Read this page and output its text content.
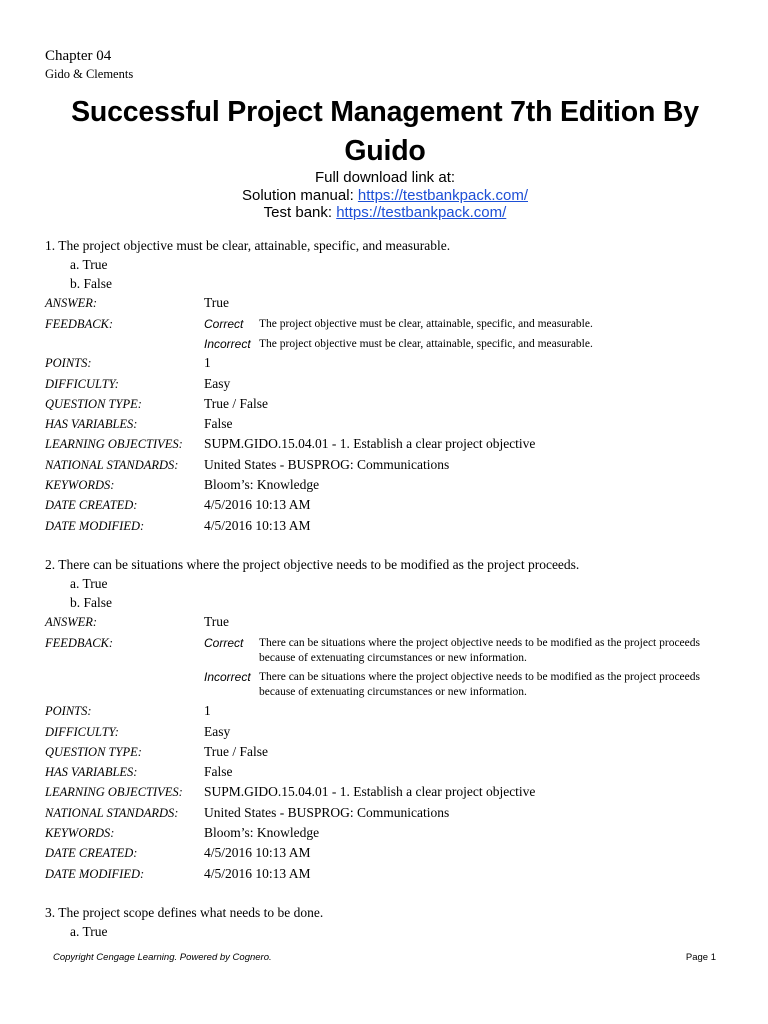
Chapter 04
Gido & Clements
Successful Project Management 7th Edition By Guido
Full download link at:
Solution manual: https://testbankpack.com/
Test bank: https://testbankpack.com/
1. The project objective must be clear, attainable, specific, and measurable.
a. True
b. False
ANSWER:	True
FEEDBACK:	Correct The project objective must be clear, attainable, specific, and measurable.
Incorrect The project objective must be clear, attainable, specific, and measurable.
POINTS:	1
DIFFICULTY:	Easy
QUESTION TYPE:	True / False
HAS VARIABLES:	False
LEARNING OBJECTIVES: SUPM.GIDO.15.04.01 - 1. Establish a clear project objective
NATIONAL STANDARDS: United States - BUSPROG: Communications
KEYWORDS:	Bloom’s: Knowledge
DATE CREATED:	4/5/2016 10:13 AM
DATE MODIFIED:	4/5/2016 10:13 AM
2. There can be situations where the project objective needs to be modified as the project proceeds.
a. True
b. False
ANSWER:	True
FEEDBACK:	Correct There can be situations where the project objective needs to be modified as the project proceeds because of extenuating circumstances or new information.
Incorrect There can be situations where the project objective needs to be modified as the project proceeds because of extenuating circumstances or new information.
POINTS:	1
DIFFICULTY:	Easy
QUESTION TYPE:	True / False
HAS VARIABLES:	False
LEARNING OBJECTIVES: SUPM.GIDO.15.04.01 - 1. Establish a clear project objective
NATIONAL STANDARDS: United States - BUSPROG: Communications
KEYWORDS:	Bloom’s: Knowledge
DATE CREATED:	4/5/2016 10:13 AM
DATE MODIFIED:	4/5/2016 10:13 AM
3. The project scope defines what needs to be done.
a. True
Copyright Cengage Learning. Powered by Cognero.	Page 1
